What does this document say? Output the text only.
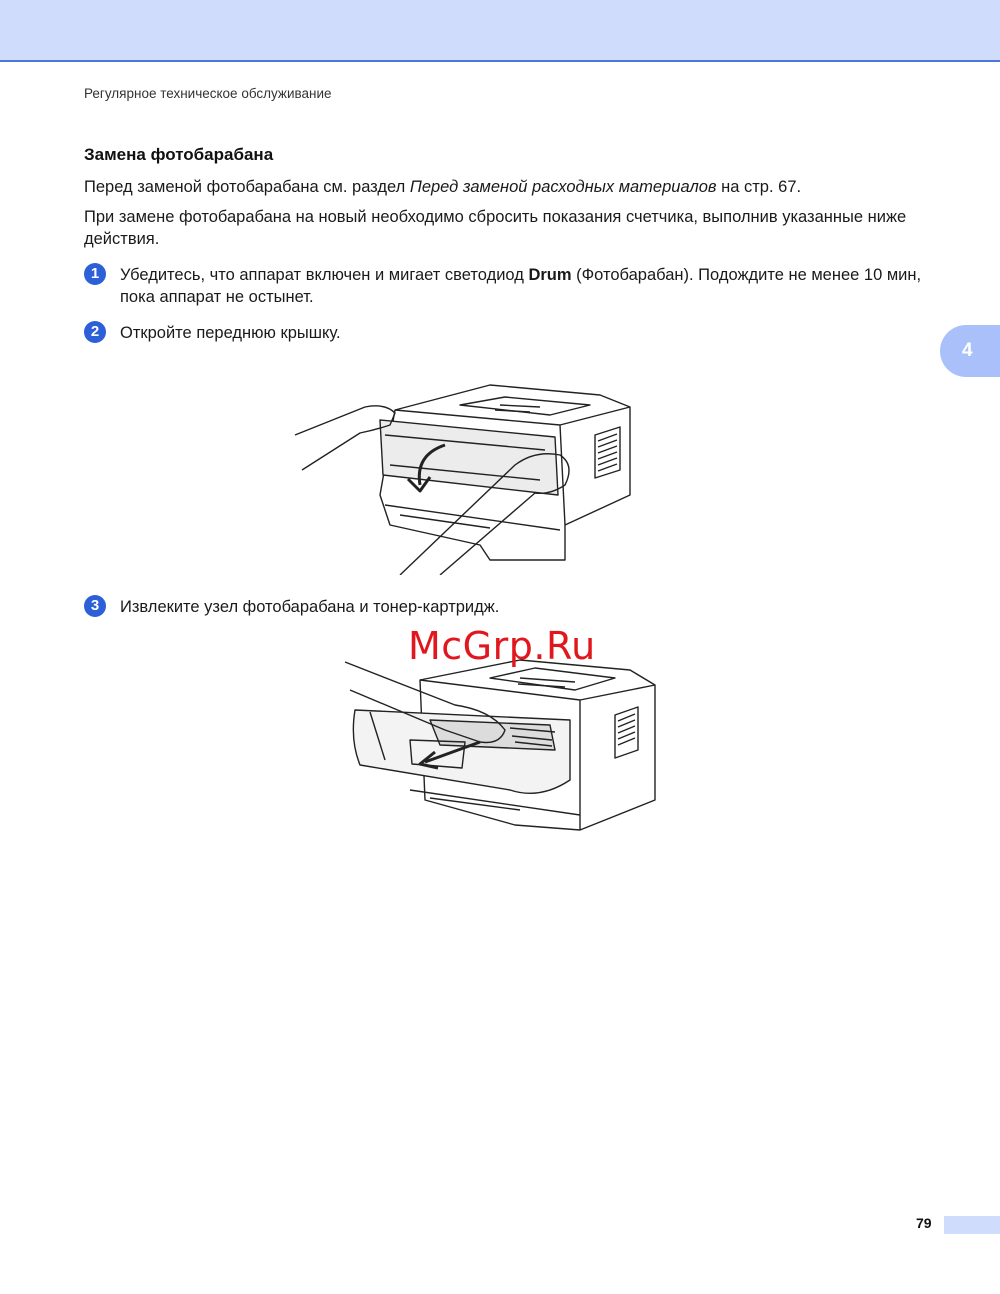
Регулярное техническое обслуживание
Замена фотобарабана
Перед заменой фотобарабана см. раздел Перед заменой расходных материалов на стр. 67.
При замене фотобарабана на новый необходимо сбросить показания счетчика, выполнив указанные ниже действия.
4
1	Убедитесь, что аппарат включен и мигает светодиод Drum (Фотобарабан). Подождите не менее 10 мин, пока аппарат не остынет.
2	Откройте переднюю крышку.
3	Извлеките узел фотобарабана и тонер-картридж.
McGrp.Ru
79
